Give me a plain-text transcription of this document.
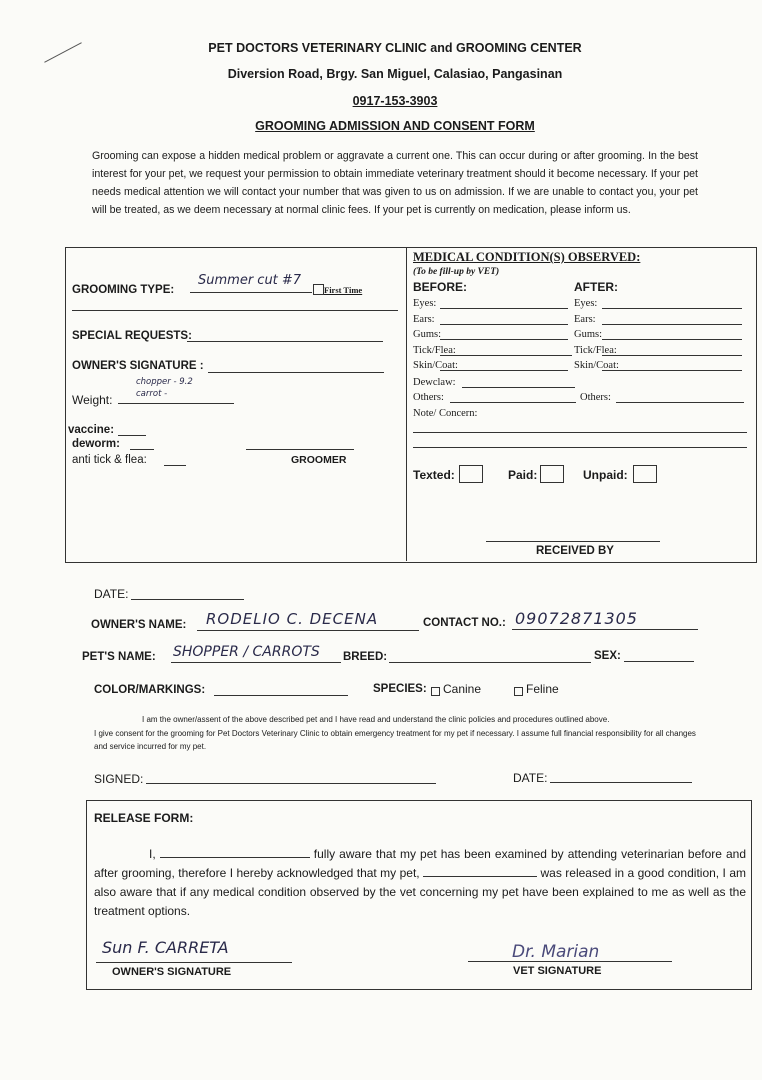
PET DOCTORS VETERINARY CLINIC and GROOMING CENTER
Diversion Road, Brgy. San Miguel, Calasiao, Pangasinan
0917-153-3903
GROOMING ADMISSION AND CONSENT FORM
Grooming can expose a hidden medical problem or aggravate a current one. This can occur during or after grooming. In the best interest for your pet, we request your permission to obtain immediate veterinary treatment should it become necessary. If your pet needs medical attention we will contact your number that was given to us on admission. If we are unable to contact you, your pet will be treated, as we deem necessary at normal clinic fees. If your pet is currently on medication, please inform us.
GROOMING TYPE:
Summer cut #7
First Time
SPECIAL REQUESTS:
OWNER'S SIGNATURE :
chopper - 9.2
carrot -
Weight:
vaccine:
deworm:
anti tick & flea:	GROOMER
MEDICAL CONDITION(S) OBSERVED:
(To be fill-up by VET)
BEFORE:	AFTER:
Eyes:	Eyes:
Ears:	Ears:
Gums:	Gums:
Tick/Flea:	Tick/Flea:
Skin/Coat:	Skin/Coat:
Dewclaw:
Others:	Others:
Note/ Concern:
Texted:	Paid:	Unpaid:
RECEIVED BY
DATE:
OWNER'S NAME: RODELIO C. DECENA	CONTACT NO.: 09072871305
PET'S NAME: SHOPPER / CARROTS BREED:	SEX:
COLOR/MARKINGS:	SPECIES: Canine	Feline
I am the owner/assent of the above described pet and I have read and understand the clinic policies and procedures outlined above.
I give consent for the grooming for Pet Doctors Veterinary Clinic to obtain emergency treatment for my pet if necessary. I assume full financial responsibility for all changes and service incurred for my pet.
SIGNED:	DATE:
RELEASE FORM:
I,	fully aware that my pet has been examined by attending veterinarian before and after grooming, therefore I hereby acknowledged that my pet,	was released in a good condition, I am also aware that if any medical condition observed by the vet concerning my pet have been explained to me as well as the treatment options.
Sun F. CARRETA
OWNER'S SIGNATURE
Dr. Marian
VET SIGNATURE
